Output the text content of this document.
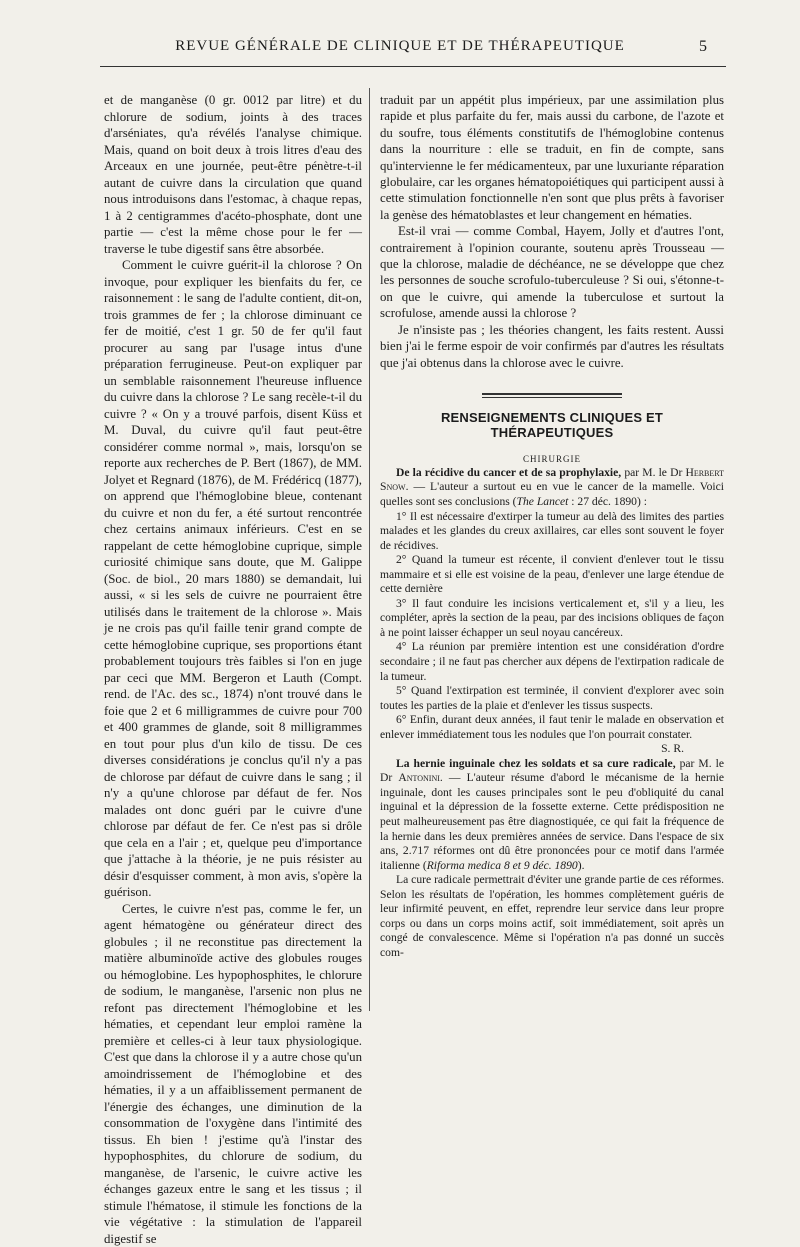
REVUE GÉNÉRALE DE CLINIQUE ET DE THÉRAPEUTIQUE	5

et de manganèse (0 gr. 0012 par litre) et du chlorure de sodium, joints à des traces d'arséniates, qu'a révélés l'analyse chimique. Mais, quand on boit deux à trois litres d'eau des Arceaux en une journée, peut-être pénètre-t-il autant de cuivre dans la circulation que quand nous introduisons dans l'estomac, à chaque repas, 1 à 2 centigrammes d'acéto-phosphate, dont une partie — c'est la même chose pour le fer — traverse le tube digestif sans être absorbée.

Comment le cuivre guérit-il la chlorose ? On invoque, pour expliquer les bienfaits du fer, ce raisonnement : le sang de l'adulte contient, dit-on, trois grammes de fer ; la chlorose diminuant ce fer de moitié, c'est 1 gr. 50 de fer qu'il faut procurer au sang par l'usage intus d'une préparation ferrugineuse. Peut-on expliquer par un semblable raisonnement l'heureuse influence du cuivre dans la chlorose ? Le sang recèle-t-il du cuivre ? « On y a trouvé parfois, disent Küss et M. Duval, du cuivre qu'il faut peut-être considérer comme normal », mais, lorsqu'on se reporte aux recherches de P. Bert (1867), de MM. Jolyet et Regnard (1876), de M. Frédéricq (1877), on apprend que l'hémoglobine bleue, contenant du cuivre et non du fer, a été surtout rencontrée chez certains animaux inférieurs. C'est en se rappelant de cette hémoglobine cuprique, simple curiosité chimique sans doute, que M. Galippe (Soc. de biol., 20 mars 1880) se demandait, lui aussi, « si les sels de cuivre ne pourraient être utilisés dans le traitement de la chlorose ». Mais je ne crois pas qu'il faille tenir grand compte de cette hémoglobine cuprique, ses proportions étant probablement toujours très faibles si l'on en juge par ceci que MM. Bergeron et Lauth (Compt. rend. de l'Ac. des sc., 1874) n'ont trouvé dans le foie que 2 et 6 milligrammes de cuivre pour 700 et 400 grammes de glande, soit 8 milligrammes en tout pour plus d'un kilo de tissu. De ces diverses considérations je conclus qu'il n'y a pas de chlorose par défaut de cuivre dans le sang ; il n'y a qu'une chlorose par défaut de fer. Nos malades ont donc guéri par le cuivre d'une chlorose par défaut de fer. Ce n'est pas si drôle que cela en a l'air ; et, quelque peu d'importance que j'attache à la théorie, je ne puis résister au désir d'esquisser comment, à mon avis, s'opère la guérison.

Certes, le cuivre n'est pas, comme le fer, un agent hématogène ou générateur direct des globules ; il ne reconstitue pas directement la matière albuminoïde active des globules rouges ou hémoglobine. Les hypophosphites, le chlorure de sodium, le manganèse, l'arsenic non plus ne refont pas directement l'hémoglobine et les hématies, et cependant leur emploi ramène la première et celles-ci à leur taux physiologique. C'est que dans la chlorose il y a autre chose qu'un amoindrissement de l'hémoglobine et des hématies, il y a un affaiblissement permanent de l'énergie des échanges, une diminution de la consommation de l'oxygène dans l'intimité des tissus. Eh bien ! j'estime qu'à l'instar des hypophosphites, du chlorure de sodium, du manganèse, de l'arsenic, le cuivre active les échanges gazeux entre le sang et les tissus ; il stimule l'hématose, il stimule les fonctions de la vie végétative : la stimulation de l'appareil digestif se

traduit par un appétit plus impérieux, par une assimilation plus rapide et plus parfaite du fer, mais aussi du carbone, de l'azote et du soufre, tous éléments constitutifs de l'hémoglobine contenus dans la nourriture : elle se traduit, en fin de compte, sans qu'intervienne le fer médicamenteux, par une luxuriante réparation globulaire, car les organes hématopoiétiques qui participent aussi à cette stimulation fonctionnelle n'en sont que plus prêts à favoriser la genèse des hématoblastes et leur changement en hématies.

Est-il vrai — comme Combal, Hayem, Jolly et d'autres l'ont, contrairement à l'opinion courante, soutenu après Trousseau — que la chlorose, maladie de déchéance, ne se développe que chez les personnes de souche scrofulo-tuberculeuse ? Si oui, s'étonne-t-on que le cuivre, qui amende la tuberculose et surtout la scrofulose, amende aussi la chlorose ?

Je n'insiste pas ; les théories changent, les faits restent. Aussi bien j'ai le ferme espoir de voir confirmés par d'autres les résultats que j'ai obtenus dans la chlorose avec le cuivre.

RENSEIGNEMENTS CLINIQUES ET THÉRAPEUTIQUES
CHIRURGIE

De la récidive du cancer et de sa prophylaxie, par M. le Dr Herbert Snow. — L'auteur a surtout eu en vue le cancer de la mamelle. Voici quelles sont ses conclusions (The Lancet : 27 déc. 1890) :

1° Il est nécessaire d'extirper la tumeur au delà des limites des parties malades et les glandes du creux axillaires, car elles sont souvent le foyer de récidives.

2° Quand la tumeur est récente, il convient d'enlever tout le tissu mammaire et si elle est voisine de la peau, d'enlever une large étendue de cette dernière

3° Il faut conduire les incisions verticalement et, s'il y a lieu, les compléter, après la section de la peau, par des incisions obliques de façon à ne point laisser échapper un seul noyau cancéreux.

4° La réunion par première intention est une considération d'ordre secondaire ; il ne faut pas chercher aux dépens de l'extirpation radicale de la tumeur.

5° Quand l'extirpation est terminée, il convient d'explorer avec soin toutes les parties de la plaie et d'enlever les tissus suspects.

6° Enfin, durant deux années, il faut tenir le malade en observation et enlever immédiatement tous les nodules que l'on pourrait constater.

S. R.

La hernie inguinale chez les soldats et sa cure radicale, par M. le Dr Antonini. — L'auteur résume d'abord le mécanisme de la hernie inguinale, dont les causes principales sont le peu d'obliquité du canal inguinal et la dépression de la fossette externe. Cette prédisposition ne peut malheureusement pas être diagnostiquée, ce qui fait la fréquence de la hernie dans les deux premières années de service. Dans l'espace de six ans, 2.717 réformes ont dû être prononcées pour ce motif dans l'armée italienne (Riforma medica 8 et 9 déc. 1890).

La cure radicale permettrait d'éviter une grande partie de ces réformes. Selon les résultats de l'opération, les hommes complètement guéris de leur infirmité peuvent, en effet, reprendre leur service dans leur propre corps ou dans un corps moins actif, soit immédiatement, soit après un congé de convalescence. Même si l'opération n'a pas donné un succès com-
